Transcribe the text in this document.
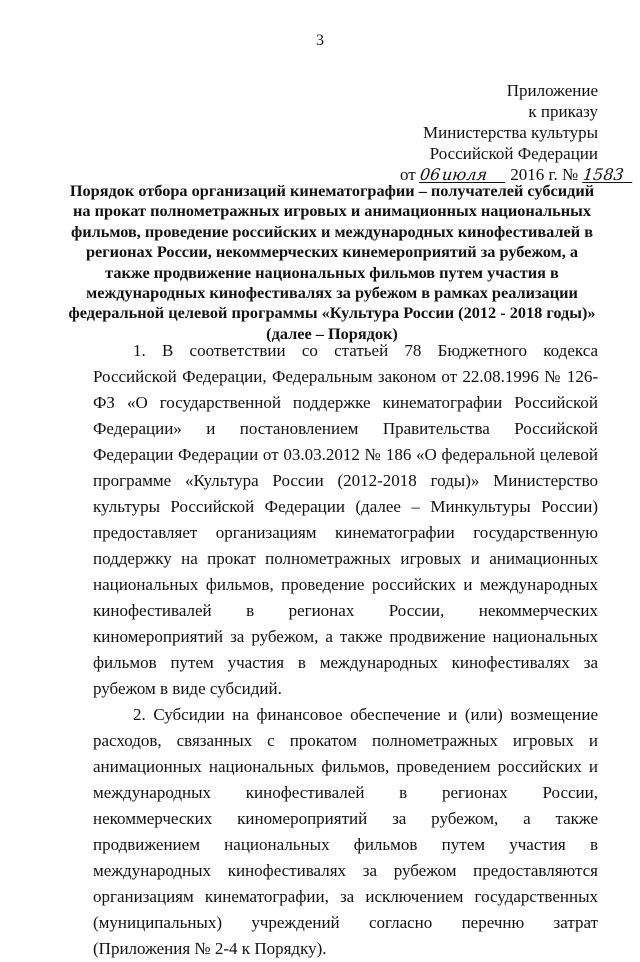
3
Приложение
к приказу
Министерства культуры
Российской Федерации
от 06июля 2016 г. № 1583
Порядок отбора организаций кинематографии – получателей субсидий на прокат полнометражных игровых и анимационных национальных фильмов, проведение российских и международных кинофестивалей в регионах России, некоммерческих кинемероприятий за рубежом, а также продвижение национальных фильмов путем участия в международных кинофестивалях за рубежом в рамках реализации федеральной целевой программы «Культура России (2012 - 2018 годы)» (далее – Порядок)

1. В соответствии со статьей 78 Бюджетного кодекса Российской Федерации, Федеральным законом от 22.08.1996 № 126-ФЗ «О государственной поддержке кинематографии Российской Федерации» и постановлением Правительства Российской Федерации Федерации от 03.03.2012 № 186 «О федеральной целевой программе «Культура России (2012-2018 годы)» Министерство культуры Российской Федерации (далее – Минкультуры России) предоставляет организациям кинематографии государственную поддержку на прокат полнометражных игровых и анимационных национальных фильмов, проведение российских и международных кинофестивалей в регионах России, некоммерческих киномероприятий за рубежом, а также продвижение национальных фильмов путем участия в международных кинофестивалях за рубежом в виде субсидий.

2. Субсидии на финансовое обеспечение и (или) возмещение расходов, связанных с прокатом полнометражных игровых и анимационных национальных фильмов, проведением российских и международных кинофестивалей в регионах России, некоммерческих киномероприятий за рубежом, а также продвижением национальных фильмов путем участия в международных кинофестивалях за рубежом предоставляются организациям кинематографии, за исключением государственных (муниципальных) учреждений согласно перечню затрат (Приложения № 2-4 к Порядку).
